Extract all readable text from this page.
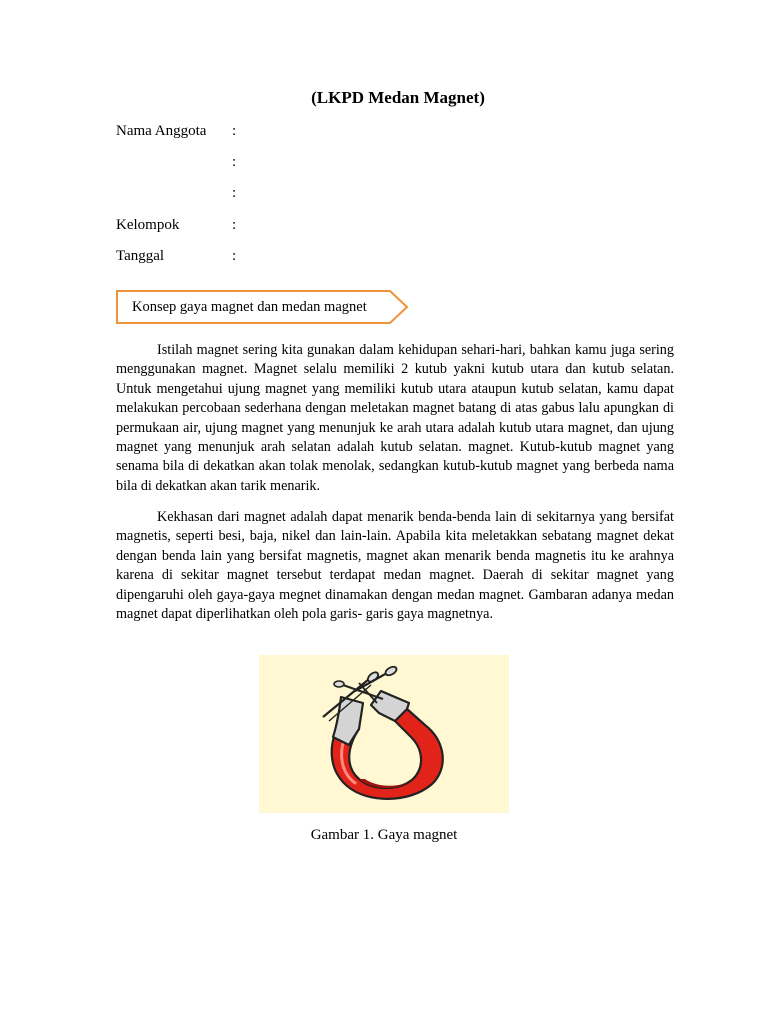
(LKPD Medan Magnet)
Nama Anggota :
:
:
Kelompok	:
Tanggal	:
Konsep gaya magnet dan medan magnet

Istilah magnet sering kita gunakan dalam kehidupan sehari-hari, bahkan kamu juga sering menggunakan magnet. Magnet selalu memiliki 2 kutub yakni kutub utara dan kutub selatan. Untuk mengetahui ujung magnet yang memiliki kutub utara ataupun kutub selatan, kamu dapat melakukan percobaan sederhana dengan meletakan magnet batang di atas gabus lalu apungkan di permukaan air, ujung magnet yang menunjuk ke arah utara adalah kutub utara magnet, dan ujung magnet yang menunjuk arah selatan adalah kutub selatan. magnet. Kutub-kutub magnet yang senama bila di dekatkan akan tolak menolak, sedangkan kutub-kutub magnet yang berbeda nama bila di dekatkan akan tarik menarik.

Kekhasan dari magnet adalah dapat menarik benda-benda lain di sekitarnya yang bersifat magnetis, seperti besi, baja, nikel dan lain-lain. Apabila kita meletakkan sebatang magnet dekat dengan benda lain yang bersifat magnetis, magnet akan menarik benda magnetis itu ke arahnya karena di sekitar magnet tersebut terdapat medan magnet. Daerah di sekitar magnet yang dipengaruhi oleh gaya-gaya megnet dinamakan dengan medan magnet. Gambaran adanya medan magnet dapat diperlihatkan oleh pola garis- garis gaya magnetnya.

Gambar 1. Gaya magnet
